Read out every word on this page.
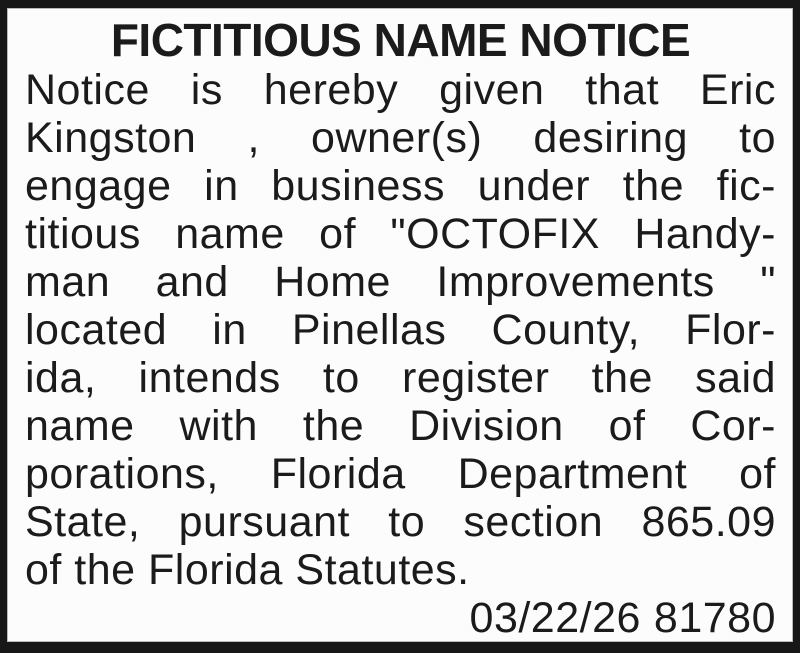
FICTITIOUS NAME NOTICE
Notice is hereby given that Eric
Kingston , owner(s) desiring to
engage in business under the fic-
titious name of "OCTOFIX Handy-
man and Home Improvements "
located in Pinellas County, Flor-
ida, intends to register the said
name with the Division of Cor-
porations, Florida Department of
State, pursuant to section 865.09
of the Florida Statutes.
03/22/26 81780
